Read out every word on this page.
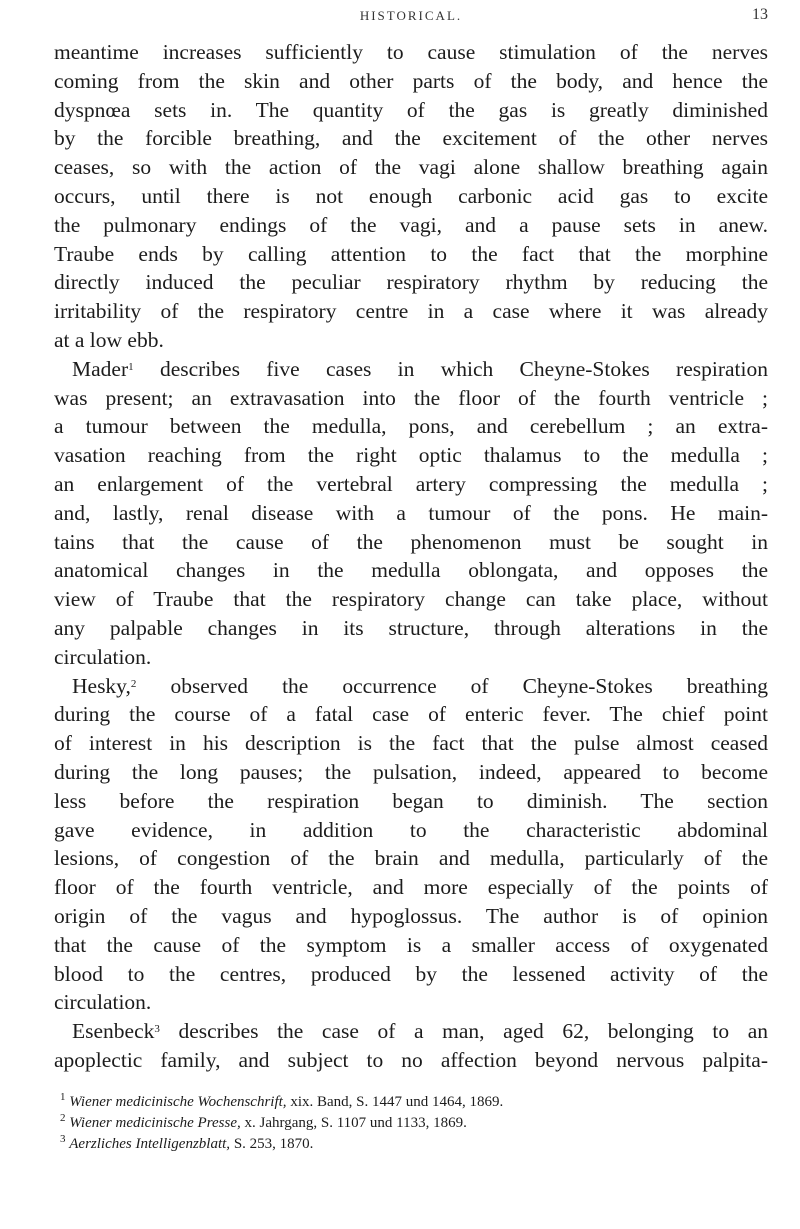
HISTORICAL.	13
meantime increases sufficiently to cause stimulation of the nerves
coming from the skin and other parts of the body, and hence the
dyspnœa sets in. The quantity of the gas is greatly diminished
by the forcible breathing, and the excitement of the other nerves
ceases, so with the action of the vagi alone shallow breathing again
occurs, until there is not enough carbonic acid gas to excite
the pulmonary endings of the vagi, and a pause sets in anew.
Traube ends by calling attention to the fact that the morphine
directly induced the peculiar respiratory rhythm by reducing the
irritability of the respiratory centre in a case where it was already
at a low ebb.
Mader$^1$ describes five cases in which Cheyne-Stokes respiration
was present; an extravasation into the floor of the fourth ventricle ;
a tumour between the medulla, pons, and cerebellum ; an extra-
vasation reaching from the right optic thalamus to the medulla ;
an enlargement of the vertebral artery compressing the medulla ;
and, lastly, renal disease with a tumour of the pons. He main-
tains that the cause of the phenomenon must be sought in
anatomical changes in the medulla oblongata, and opposes the
view of Traube that the respiratory change can take place, without
any palpable changes in its structure, through alterations in the
circulation.
Hesky,$^2$ observed the occurrence of Cheyne-Stokes breathing
during the course of a fatal case of enteric fever. The chief point
of interest in his description is the fact that the pulse almost ceased
during the long pauses; the pulsation, indeed, appeared to become
less before the respiration began to diminish. The section
gave evidence, in addition to the characteristic abdominal
lesions, of congestion of the brain and medulla, particularly of the
floor of the fourth ventricle, and more especially of the points of
origin of the vagus and hypoglossus. The author is of opinion
that the cause of the symptom is a smaller access of oxygenated
blood to the centres, produced by the lessened activity of the
circulation.
Esenbeck$^3$ describes the case of a man, aged 62, belonging to an
apoplectic family, and subject to no affection beyond nervous palpita-
$^1$ Wiener medicinische Wochenschrift, xix. Band, S. 1447 und 1464, 1869.
$^2$ Wiener medicinische Presse, x. Jahrgang, S. 1107 und 1133, 1869.
$^3$ Aerzliches Intelligenzblatt, S. 253, 1870.
